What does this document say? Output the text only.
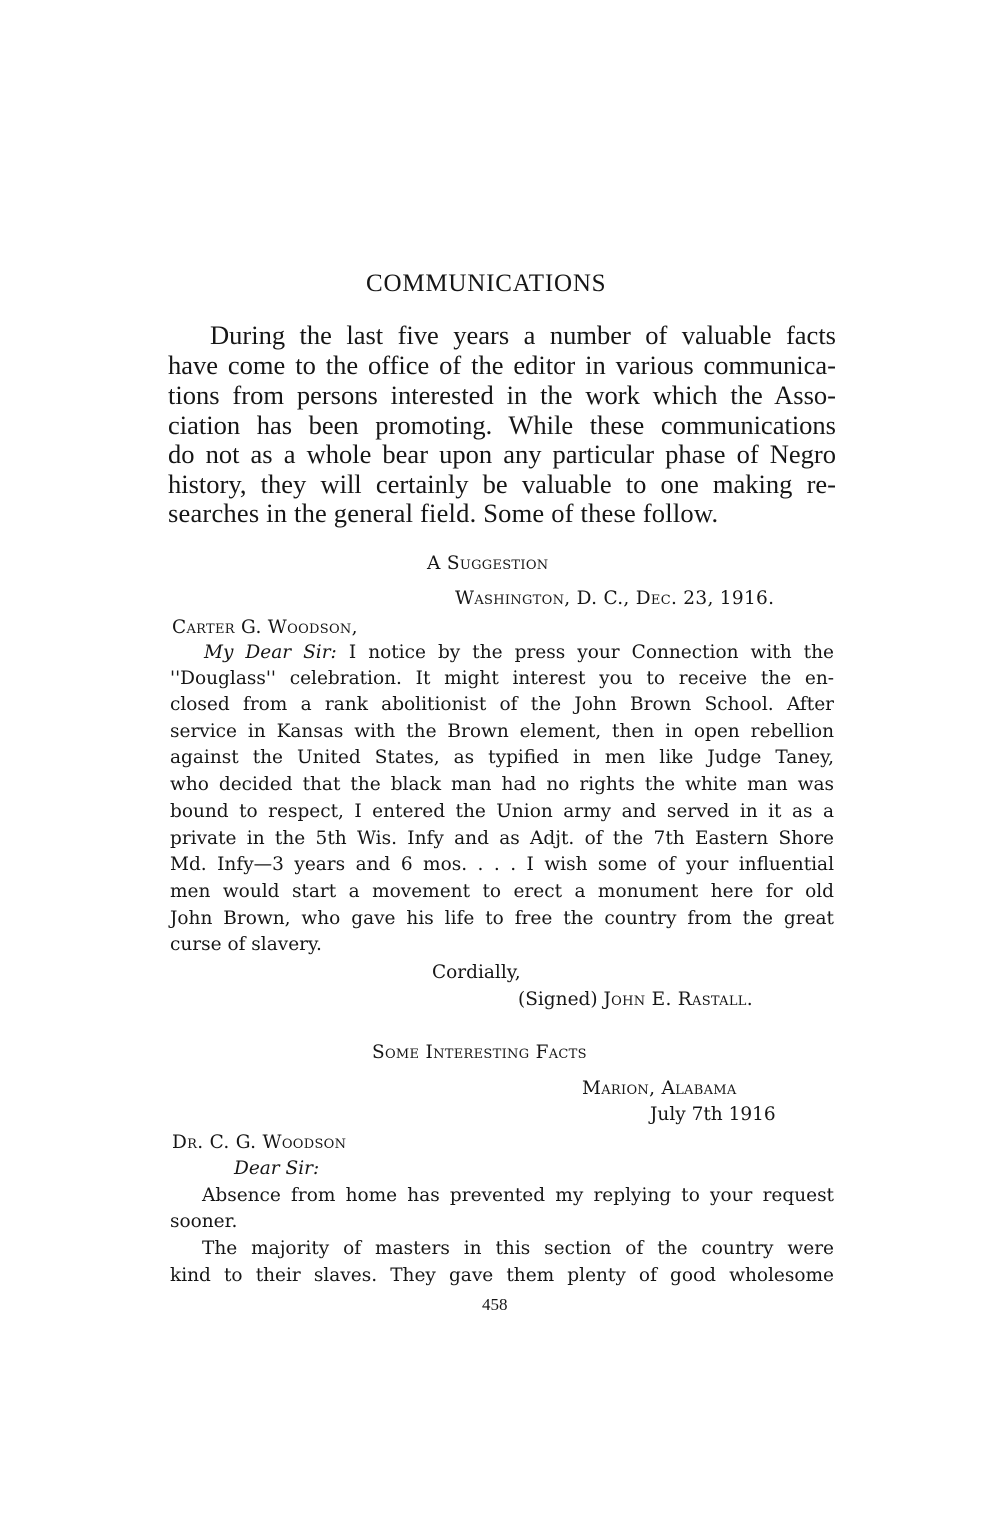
COMMUNICATIONS
During the last five years a number of valuable facts
have come to the office of the editor in various communica-
tions from persons interested in the work which the Asso-
ciation has been promoting. While these communications
do not as a whole bear upon any particular phase of Negro
history, they will certainly be valuable to one making re-
searches in the general field. Some of these follow.
A Suggestion
Washington, D. C., Dec. 23, 1916.
Carter G. Woodson,
My Dear Sir: I notice by the press your Connection with the
''Douglass'' celebration. It might interest you to receive the en-
closed from a rank abolitionist of the John Brown School. After
service in Kansas with the Brown element, then in open rebellion
against the United States, as typified in men like Judge Taney,
who decided that the black man had no rights the white man was
bound to respect, I entered the Union army and served in it as a
private in the 5th Wis. Infy and as Adjt. of the 7th Eastern Shore
Md. Infy—3 years and 6 mos. . . . I wish some of your influential
men would start a movement to erect a monument here for old
John Brown, who gave his life to free the country from the great
curse of slavery.
Cordially,
(Signed) John E. Rastall.
Some Interesting Facts
Marion, Alabama
July 7th 1916
Dr. C. G. Woodson
Dear Sir:
Absence from home has prevented my replying to your request
sooner.
The majority of masters in this section of the country were
kind to their slaves. They gave them plenty of good wholesome
458
